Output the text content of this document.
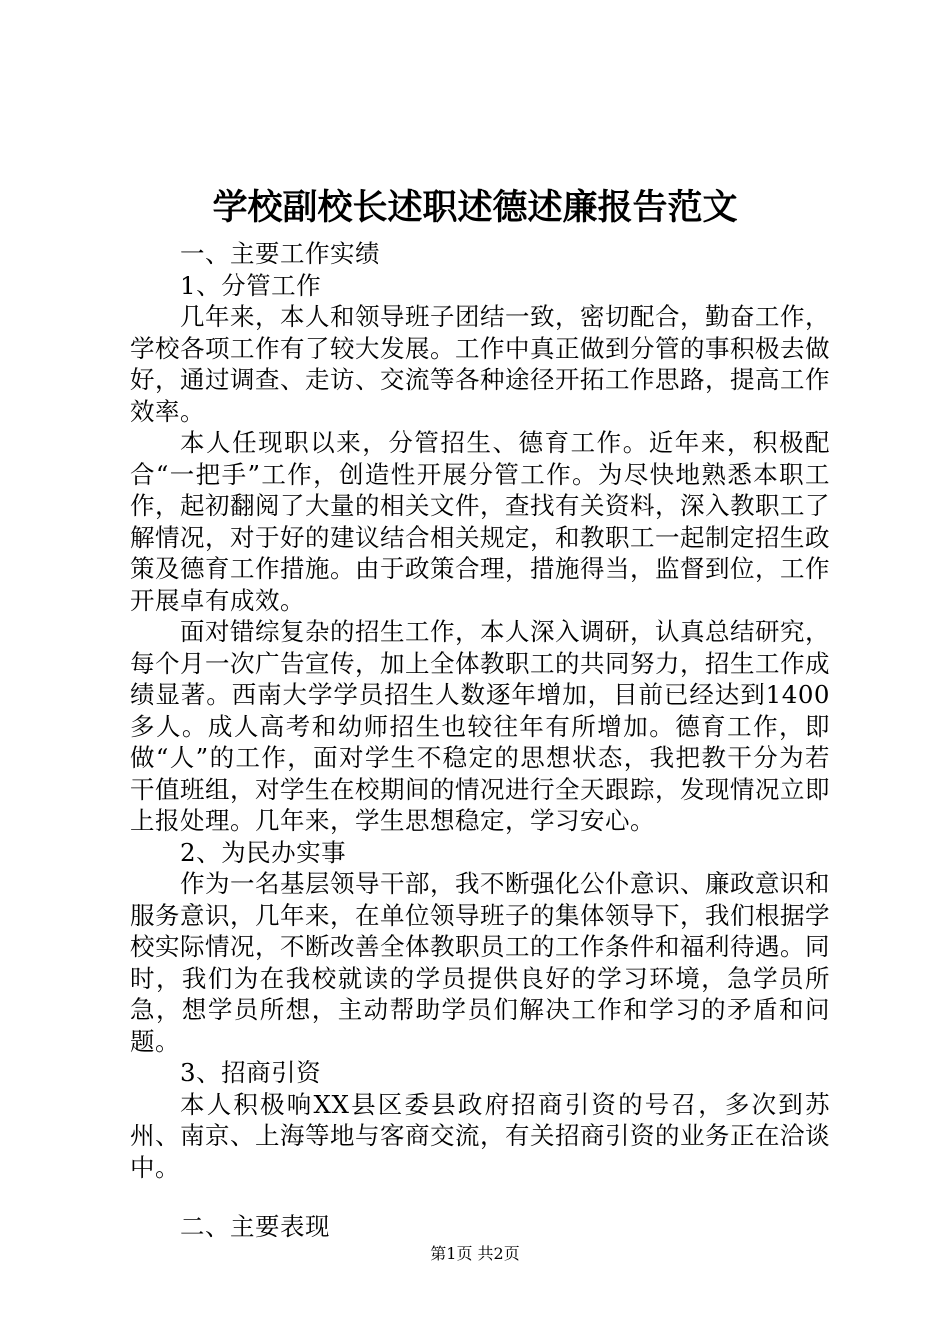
学校副校长述职述德述廉报告范文

一、主要工作实绩

1、分管工作

几年来，本人和领导班子团结一致，密切配合，勤奋工作，学校各项工作有了较大发展。工作中真正做到分管的事积极去做好，通过调查、走访、交流等各种途径开拓工作思路，提高工作效率。

本人任现职以来，分管招生、德育工作。近年来，积极配合“一把手”工作，创造性开展分管工作。为尽快地熟悉本职工作，起初翻阅了大量的相关文件，查找有关资料，深入教职工了解情况，对于好的建议结合相关规定，和教职工一起制定招生政策及德育工作措施。由于政策合理，措施得当，监督到位，工作开展卓有成效。

面对错综复杂的招生工作，本人深入调研，认真总结研究，每个月一次广告宣传，加上全体教职工的共同努力，招生工作成绩显著。西南大学学员招生人数逐年增加，目前已经达到1400多人。成人高考和幼师招生也较往年有所增加。德育工作，即做“人”的工作，面对学生不稳定的思想状态，我把教干分为若干值班组，对学生在校期间的情况进行全天跟踪，发现情况立即上报处理。几年来，学生思想稳定，学习安心。

2、为民办实事

作为一名基层领导干部，我不断强化公仆意识、廉政意识和服务意识，几年来，在单位领导班子的集体领导下，我们根据学校实际情况，不断改善全体教职员工的工作条件和福利待遇。同时，我们为在我校就读的学员提供良好的学习环境，急学员所急，想学员所想，主动帮助学员们解决工作和学习的矛盾和问题。

3、招商引资

本人积极响XX县区委县政府招商引资的号召，多次到苏州、南京、上海等地与客商交流，有关招商引资的业务正在洽谈中。

二、主要表现

第1页 共2页
